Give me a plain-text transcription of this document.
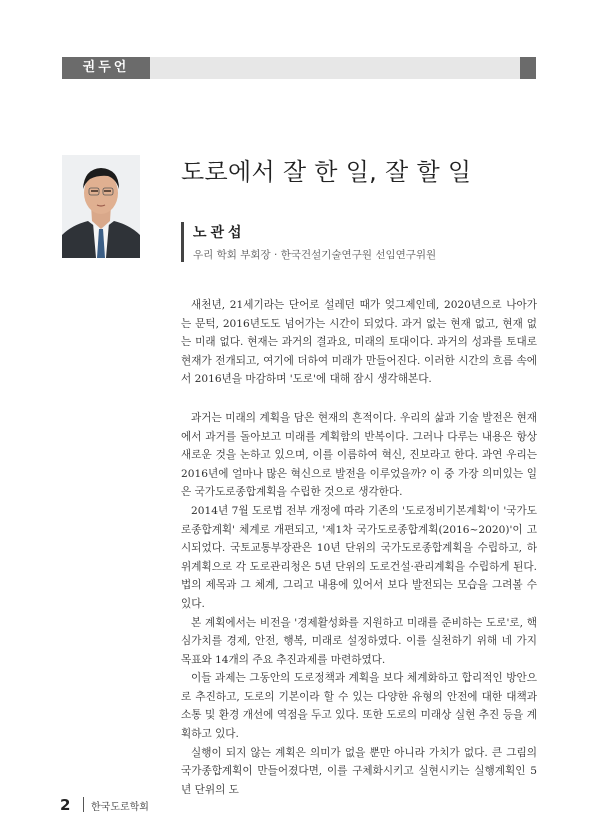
권두언
도로에서 잘 한 일, 잘 할 일
노관섭
우리 학회 부회장 · 한국건설기술연구원 선임연구위원

새천년, 21세기라는 단어로 설레던 때가 엊그제인데, 2020년으로 나아가는 문턱, 2016년도도 넘어가는 시간이 되었다. 과거 없는 현재 없고, 현재 없는 미래 없다. 현재는 과거의 결과요, 미래의 토대이다. 과거의 성과를 토대로 현재가 전개되고, 여기에 더하여 미래가 만들어진다. 이러한 시간의 흐름 속에서 2016년을 마감하며 '도로'에 대해 잠시 생각해본다.

과거는 미래의 계획을 담은 현재의 흔적이다. 우리의 삶과 기술 발전은 현재에서 과거를 돌아보고 미래를 계획함의 반복이다. 그러나 다루는 내용은 항상 새로운 것을 논하고 있으며, 이를 이름하여 혁신, 진보라고 한다. 과연 우리는 2016년에 얼마나 많은 혁신으로 발전을 이루었을까? 이 중 가장 의미있는 일은 국가도로종합계획을 수립한 것으로 생각한다.

2014년 7월 도로법 전부 개정에 따라 기존의 '도로정비기본계획'이 '국가도로종합계획' 체계로 개편되고, '제1차 국가도로종합계획(2016~2020)'이 고시되었다. 국토교통부장관은 10년 단위의 국가도로종합계획을 수립하고, 하위계획으로 각 도로관리청은 5년 단위의 도로건설·관리계획을 수립하게 된다. 법의 제목과 그 체계, 그리고 내용에 있어서 보다 발전되는 모습을 그려볼 수 있다.

본 계획에서는 비전을 '경제활성화를 지원하고 미래를 준비하는 도로'로, 핵심가치를 경제, 안전, 행복, 미래로 설정하였다. 이를 실천하기 위해 네 가지 목표와 14개의 주요 추진과제를 마련하였다.

이들 과제는 그동안의 도로정책과 계획을 보다 체계화하고 합리적인 방안으로 추진하고, 도로의 기본이라 할 수 있는 다양한 유형의 안전에 대한 대책과 소통 및 환경 개선에 역점을 두고 있다. 또한 도로의 미래상 실현 추진 등을 계획하고 있다.

실행이 되지 않는 계획은 의미가 없을 뿐만 아니라 가치가 없다. 큰 그림의 국가종합계획이 만들어졌다면, 이를 구체화시키고 실현시키는 실행계획인 5년 단위의 도

2 한국도로학회
